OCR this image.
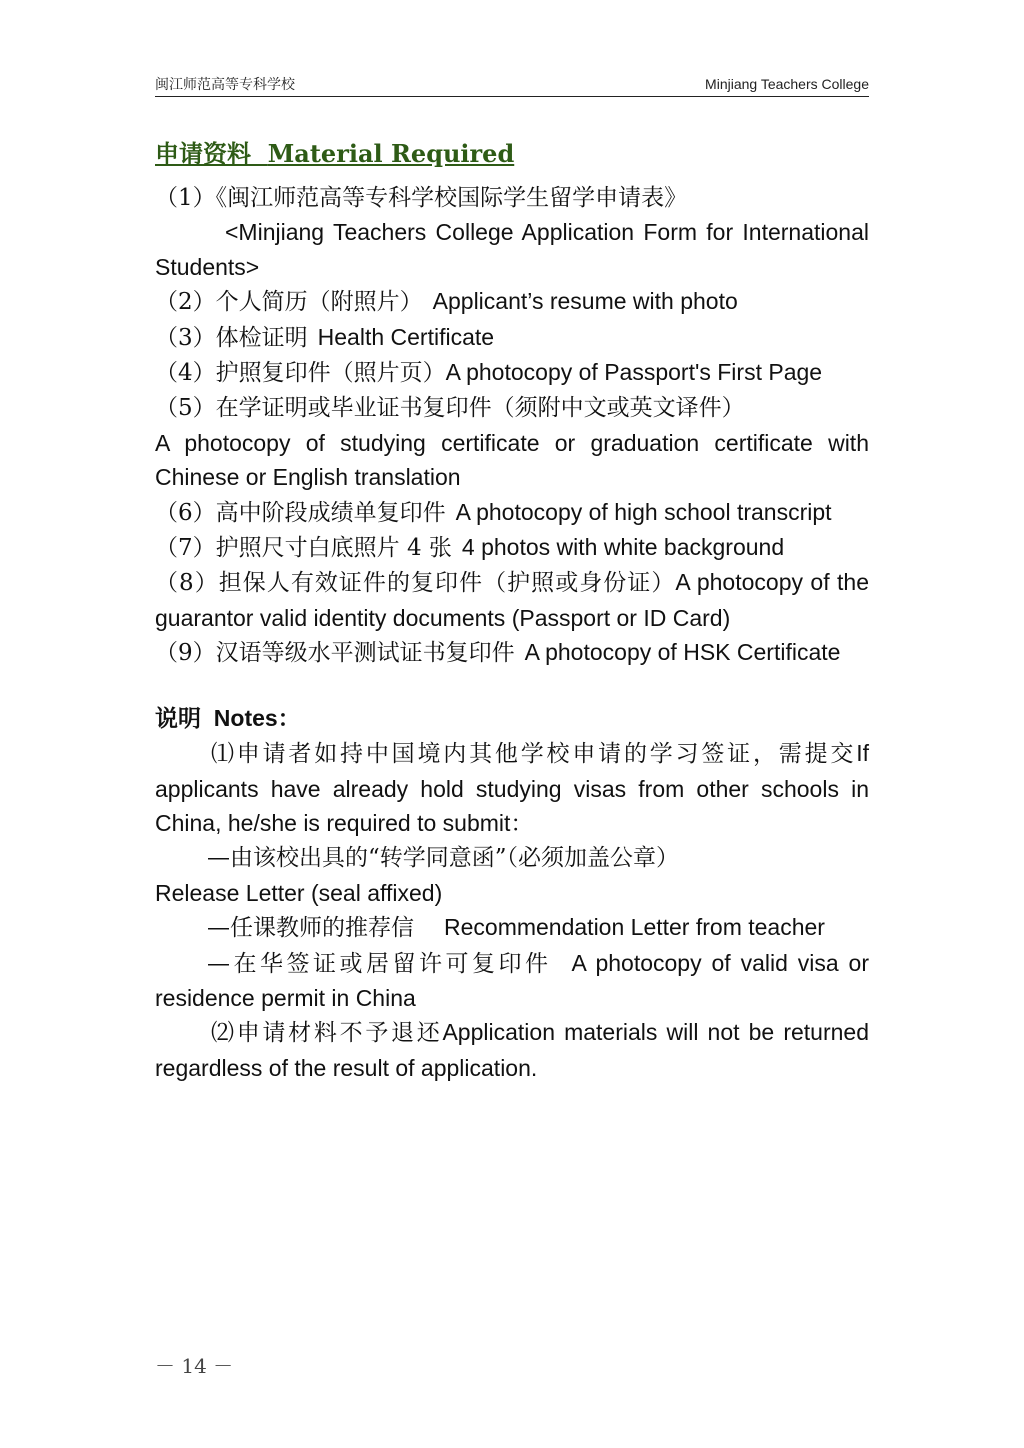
闽江师范高等专科学校	Minjiang Teachers College
申请资料 Material Required

（1）《闽江师范高等专科学校国际学生留学申请表》

<Minjiang Teachers College Application Form for International Students>

（2）个人简历（附照片） Applicant’s resume with photo

（3）体检证明 Health Certificate

（4）护照复印件（照片页）A photocopy of Passport's First Page

（5）在学证明或毕业证书复印件（须附中文或英文译件）

A photocopy of studying certificate or graduation certificate with Chinese or English translation

（6）高中阶段成绩单复印件 A photocopy of high school transcript

（7）护照尺寸白底照片 4 张 4 photos with white background

（8）担保人有效证件的复印件（护照或身份证）A photocopy of the guarantor valid identity documents (Passport or ID Card)

（9）汉语等级水平测试证书复印件 A photocopy of HSK Certificate

说明 Notes：

⑴申请者如持中国境内其他学校申请的学习签证，需提交If applicants have already hold studying visas from other schools in China, he/she is required to submit：

—由该校出具的“转学同意函”（必须加盖公章）

Release Letter (seal affixed)

—任课教师的推荐信 Recommendation Letter from teacher

—在华签证或居留许可复印件 A photocopy of valid visa or residence permit in China

⑵申请材料不予退还Application materials will not be returned regardless of the result of application.

－ 14 －
